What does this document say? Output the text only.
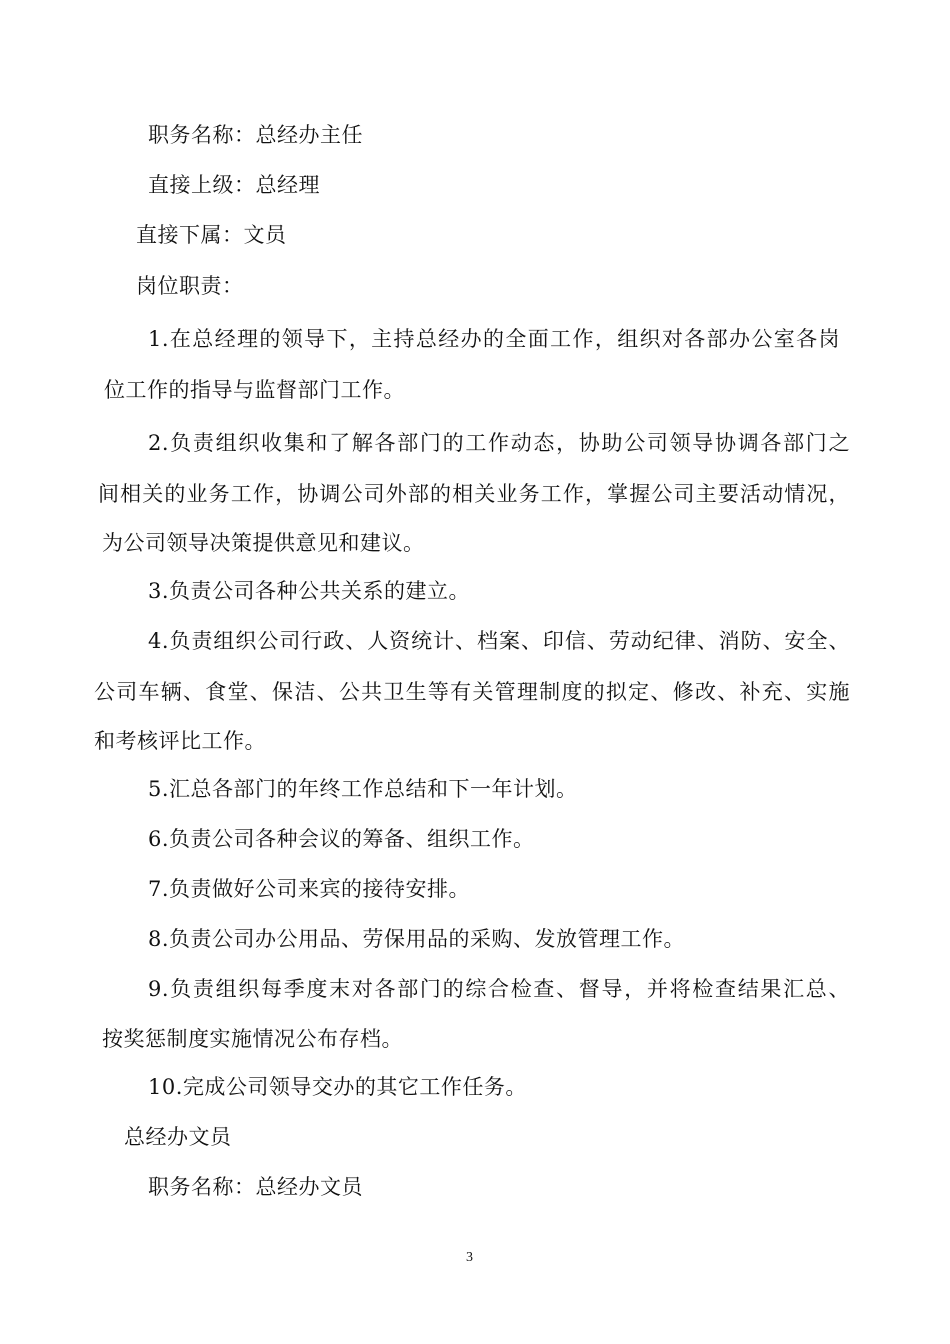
职务名称：总经办主任
直接上级：总经理
直接下属：文员
岗位职责：
1.在总经理的领导下，主持总经办的全面工作，组织对各部办公室各岗
位工作的指导与监督部门工作。
2.负责组织收集和了解各部门的工作动态，协助公司领导协调各部门之
间相关的业务工作，协调公司外部的相关业务工作，掌握公司主要活动情况，
为公司领导决策提供意见和建议。
3.负责公司各种公共关系的建立。
4.负责组织公司行政、人资统计、档案、印信、劳动纪律、消防、安全、
公司车辆、食堂、保洁、公共卫生等有关管理制度的拟定、修改、补充、实施
和考核评比工作。
5.汇总各部门的年终工作总结和下一年计划。
6.负责公司各种会议的筹备、组织工作。
7.负责做好公司来宾的接待安排。
8.负责公司办公用品、劳保用品的采购、发放管理工作。
9.负责组织每季度末对各部门的综合检查、督导，并将检查结果汇总、
按奖惩制度实施情况公布存档。
10.完成公司领导交办的其它工作任务。
总经办文员
职务名称：总经办文员
3
